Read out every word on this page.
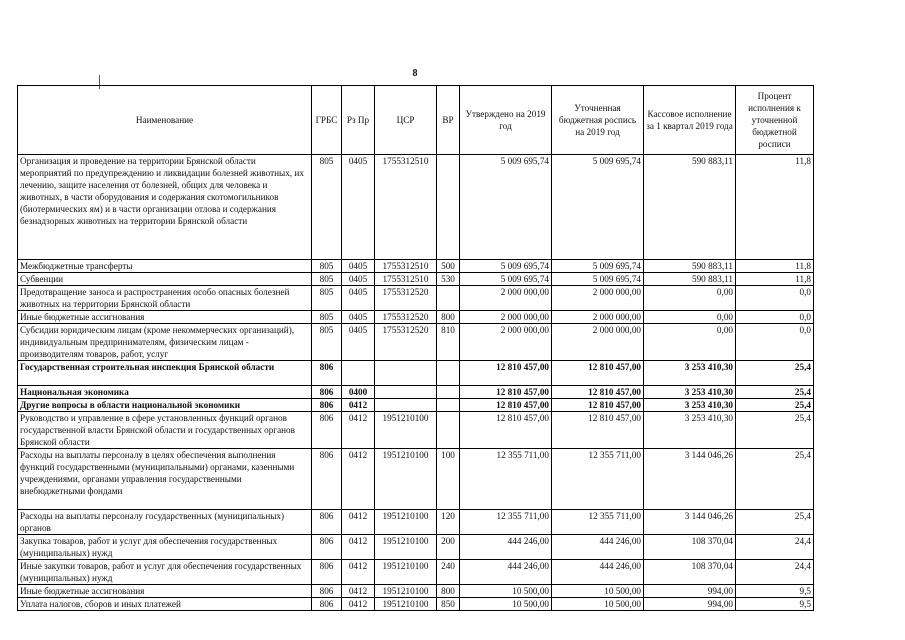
8
Наименование	ГРБС	Рз Пр	ЦСР	ВР	Утверждено на 2019 год	Уточненная бюджетная роспись на 2019 год	Кассовое исполнение за 1 квартал 2019 года	Процент исполнения к уточненной бюджетной росписи
Организация и проведение на территории Брянской области мероприятий по предупреждению и ликвидации болезней животных, их лечению, защите населения от болезней, общих для человека и животных, в части оборудования и содержания скотомогильников (биотермических ям) и в части организации отлова и содержания безнадзорных животных на территории Брянской области	805	0405	1755312510		5 009 695,74	5 009 695,74	590 883,11	11,8
Межбюджетные трансферты	805	0405	1755312510	500	5 009 695,74	5 009 695,74	590 883,11	11,8
Субвенции	805	0405	1755312510	530	5 009 695,74	5 009 695,74	590 883,11	11,8
Предотвращение заноса и распространения особо опасных болезней животных на территории Брянской области	805	0405	1755312520		2 000 000,00	2 000 000,00	0,00	0,0
Иные бюджетные ассигнования	805	0405	1755312520	800	2 000 000,00	2 000 000,00	0,00	0,0
Субсидии юридическим лицам (кроме некоммерческих организаций), индивидуальным предпринимателям, физическим лицам - производителям товаров, работ, услуг	805	0405	1755312520	810	2 000 000,00	2 000 000,00	0,00	0,0
Государственная строительная инспекция Брянской области	806				12 810 457,00	12 810 457,00	3 253 410,30	25,4
Национальная экономика	806	0400			12 810 457,00	12 810 457,00	3 253 410,30	25,4
Другие вопросы в области национальной экономики	806	0412			12 810 457,00	12 810 457,00	3 253 410,30	25,4
Руководство и управление в сфере установленных функций органов государственной власти Брянской области и государственных органов Брянской области	806	0412	1951210100		12 810 457,00	12 810 457,00	3 253 410,30	25,4
Расходы на выплаты персоналу в целях обеспечения выполнения функций государственными (муниципальными) органами, казенными учреждениями, органами управления государственными внебюджетными фондами	806	0412	1951210100	100	12 355 711,00	12 355 711,00	3 144 046,26	25,4
Расходы на выплаты персоналу государственных (муниципальных) органов	806	0412	1951210100	120	12 355 711,00	12 355 711,00	3 144 046,26	25,4
Закупка товаров, работ и услуг для обеспечения государственных (муниципальных) нужд	806	0412	1951210100	200	444 246,00	444 246,00	108 370,04	24,4
Иные закупки товаров, работ и услуг для обеспечения государственных (муниципальных) нужд	806	0412	1951210100	240	444 246,00	444 246,00	108 370,04	24,4
Иные бюджетные ассигнования	806	0412	1951210100	800	10 500,00	10 500,00	994,00	9,5
Уплата налогов, сборов и иных платежей	806	0412	1951210100	850	10 500,00	10 500,00	994,00	9,5
